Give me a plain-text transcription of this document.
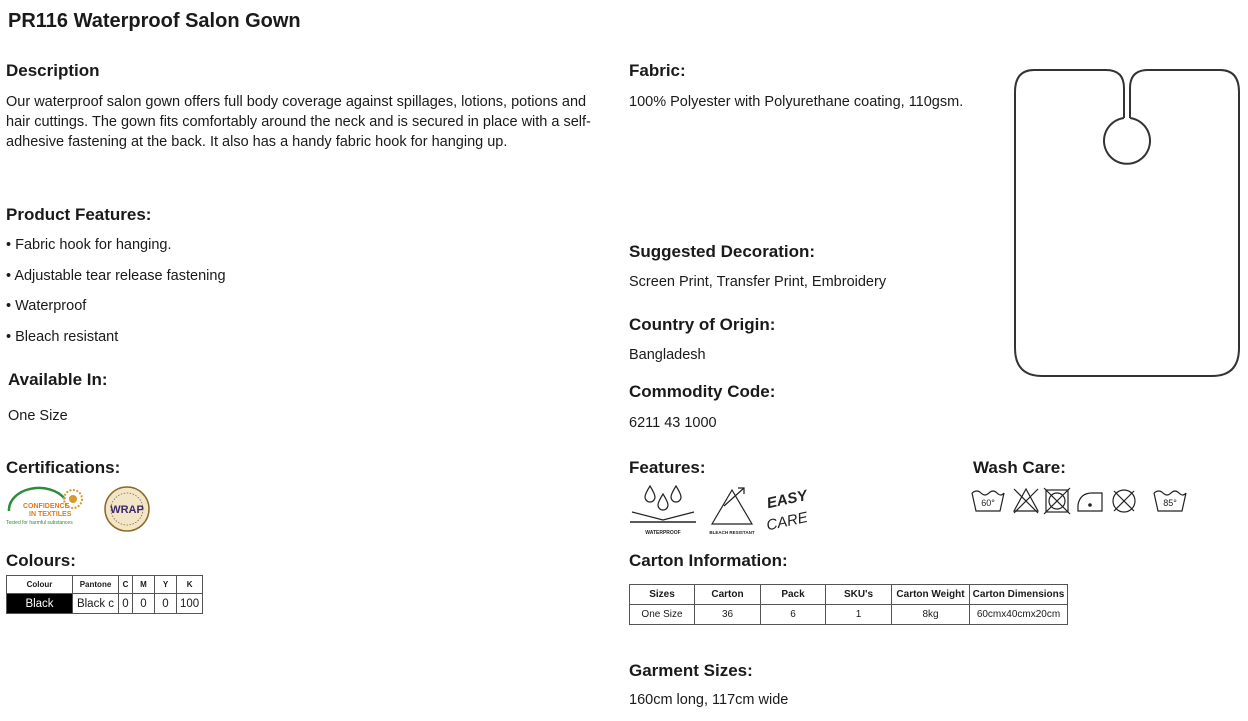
PR116 Waterproof Salon Gown
Description

Our waterproof salon gown offers full body coverage against spillages, lotions, potions and hair cuttings. The gown fits comfortably around the neck and is secured in place with a self-adhesive fastening at the back. It also has a handy fabric hook for hanging up.

Product Features:
• Fabric hook for hanging.
• Adjustable tear release fastening
• Waterproof
• Bleach resistant
Available In:

One Size

Certifications:
CONFIDENCE
IN TEXTILES
Tested for harmful substances
WRAP
Colours:
Colour	Pantone	C	M	Y	K
Black	Black c	0	0	0	100
Fabric:

100% Polyester with Polyurethane coating, 110gsm.

Suggested Decoration:

Screen Print, Transfer Print, Embroidery

Country of Origin:

Bangladesh

Commodity Code:

6211 43 1000

Features:
WATERPROOF	BLEACH RESISTANT
EASY
CARE
Wash Care:
60°	85°
Carton Information:
Sizes	Carton	Pack	SKU's	Carton Weight	Carton Dimensions
One Size	36	6	1	8kg	60cmx40cmx20cm
Garment Sizes:

160cm long, 117cm wide
